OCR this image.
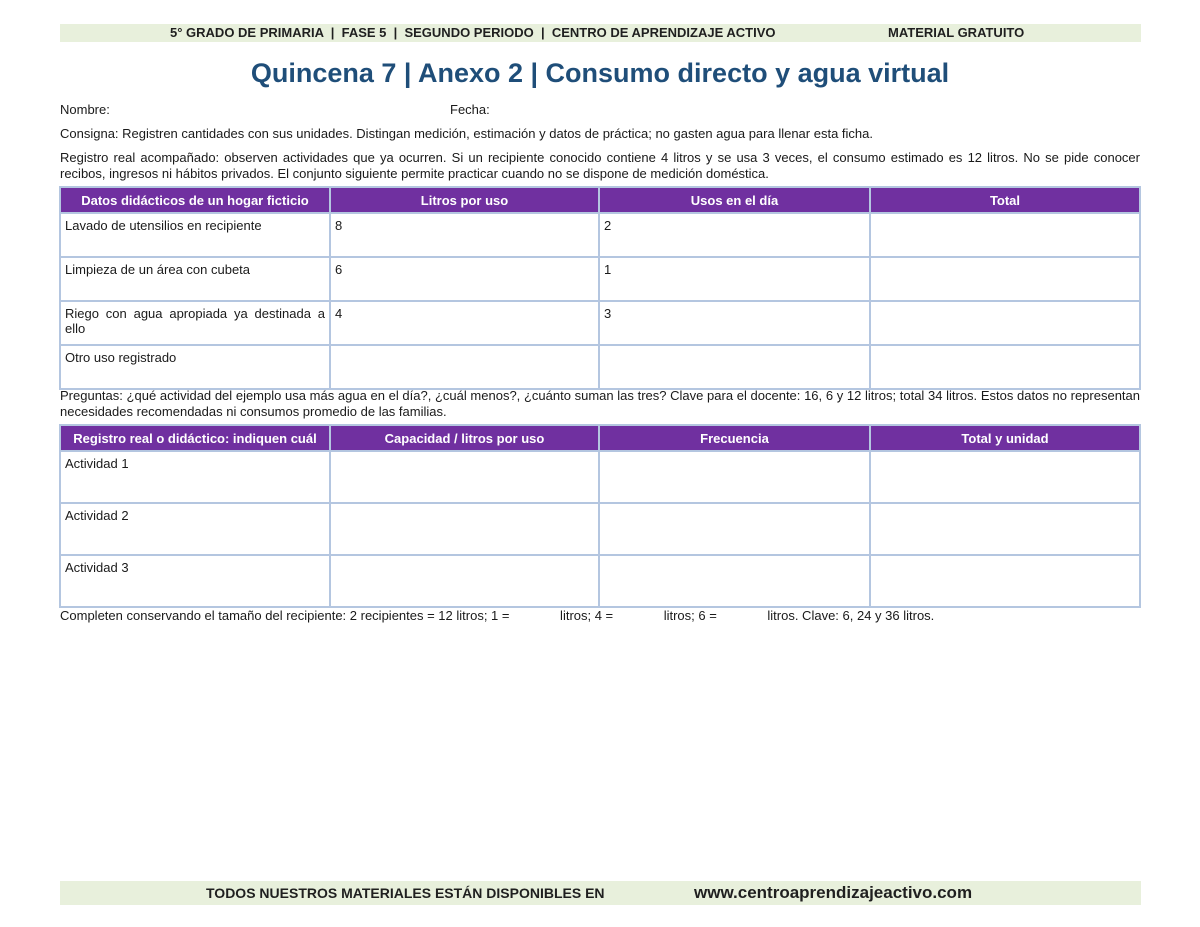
5° GRADO DE PRIMARIA  |  FASE 5  |  SEGUNDO PERIODO  |  CENTRO DE APRENDIZAJE ACTIVO	MATERIAL GRATUITO
Quincena 7 | Anexo 2 | Consumo directo y agua virtual
Nombre:	Fecha:
Consigna: Registren cantidades con sus unidades. Distingan medición, estimación y datos de práctica; no gasten agua para llenar esta ficha.
Registro real acompañado: observen actividades que ya ocurren. Si un recipiente conocido contiene 4 litros y se usa 3 veces, el consumo estimado es 12 litros. No se pide conocer recibos, ingresos ni hábitos privados. El conjunto siguiente permite practicar cuando no se dispone de medición doméstica.
Datos didácticos de un hogar ficticio	Litros por uso	Usos en el día	Total
Lavado de utensilios en recipiente	8	2	
Limpieza de un área con cubeta	6	1	
Riego con agua apropiada ya destinada a ello	4	3	
Otro uso registrado			
Preguntas: ¿qué actividad del ejemplo usa más agua en el día?, ¿cuál menos?, ¿cuánto suman las tres? Clave para el docente: 16, 6 y 12 litros; total 34 litros. Estos datos no representan necesidades recomendadas ni consumos promedio de las familias.
Registro real o didáctico: indiquen cuál	Capacidad / litros por uso	Frecuencia	Total y unidad
Actividad 1			
Actividad 2			
Actividad 3			
Completen conservando el tamaño del recipiente: 2 recipientes = 12 litros; 1 =              litros; 4 =              litros; 6 =              litros. Clave: 6, 24 y 36 litros.
TODOS NUESTROS MATERIALES ESTÁN DISPONIBLES EN	www.centroaprendizajeactivo.com
